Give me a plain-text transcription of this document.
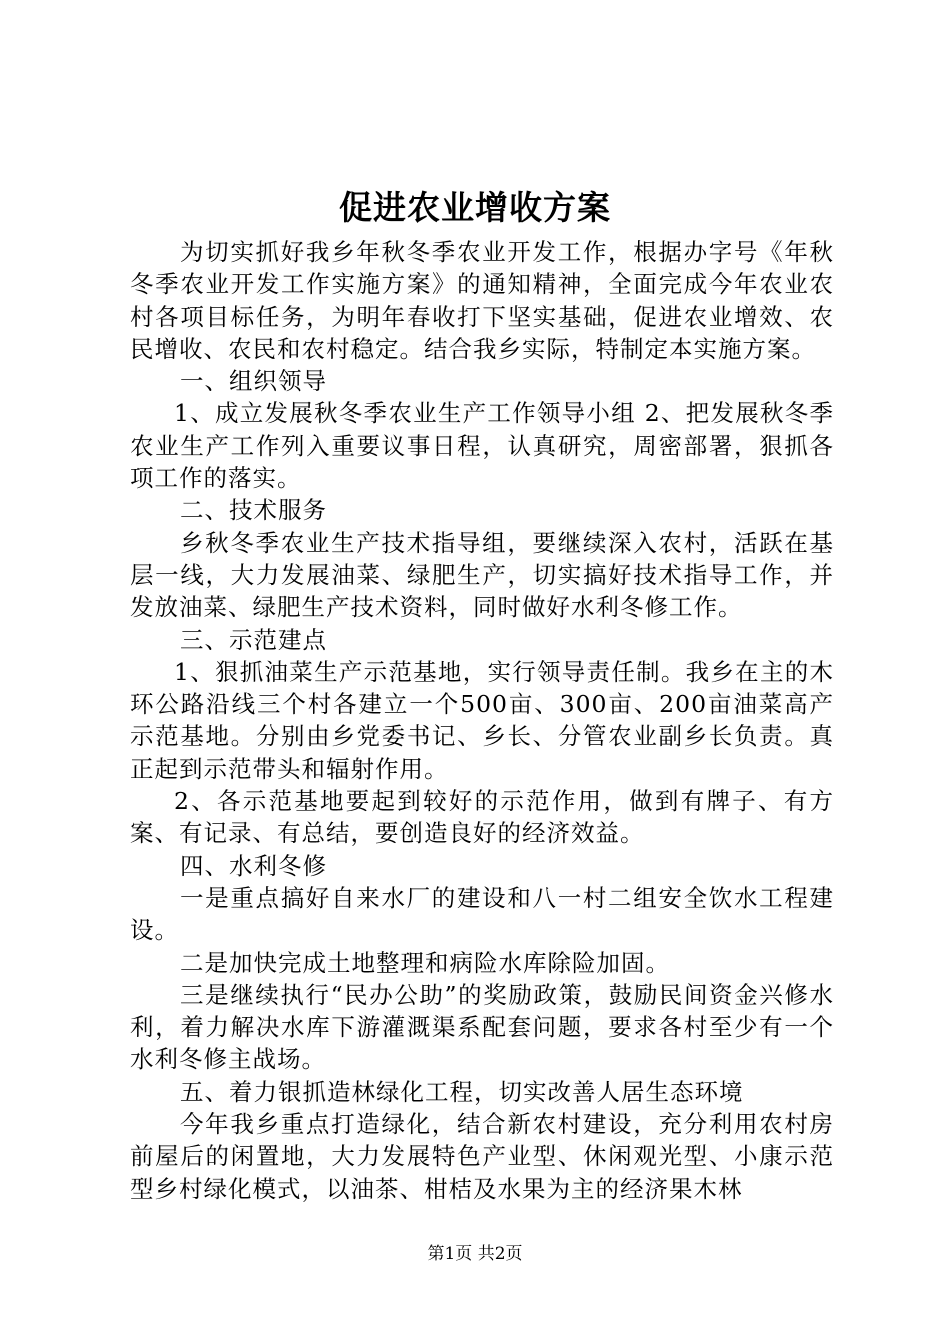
促进农业增收方案

为切实抓好我乡年秋冬季农业开发工作，根据办字号《年秋冬季农业开发工作实施方案》的通知精神，全面完成今年农业农村各项目标任务，为明年春收打下坚实基础，促进农业增效、农民增收、农民和农村稳定。结合我乡实际，特制定本实施方案。

一、组织领导

1、成立发展秋冬季农业生产工作领导小组 2、把发展秋冬季农业生产工作列入重要议事日程，认真研究，周密部署，狠抓各项工作的落实。

二、技术服务

乡秋冬季农业生产技术指导组，要继续深入农村，活跃在基层一线，大力发展油菜、绿肥生产，切实搞好技术指导工作，并发放油菜、绿肥生产技术资料，同时做好水利冬修工作。

三、示范建点

1、狠抓油菜生产示范基地，实行领导责任制。我乡在主的木环公路沿线三个村各建立一个500亩、300亩、200亩油菜高产示范基地。分别由乡党委书记、乡长、分管农业副乡长负责。真正起到示范带头和辐射作用。

2、各示范基地要起到较好的示范作用，做到有牌子、有方案、有记录、有总结，要创造良好的经济效益。

四、水利冬修

一是重点搞好自来水厂的建设和八一村二组安全饮水工程建设。

二是加快完成土地整理和病险水库除险加固。

三是继续执行“民办公助”的奖励政策，鼓励民间资金兴修水利，着力解决水库下游灌溉渠系配套问题，要求各村至少有一个水利冬修主战场。

五、着力银抓造林绿化工程，切实改善人居生态环境

今年我乡重点打造绿化，结合新农村建设，充分利用农村房前屋后的闲置地，大力发展特色产业型、休闲观光型、小康示范型乡村绿化模式，以油茶、柑桔及水果为主的经济果木林

第1页 共2页
